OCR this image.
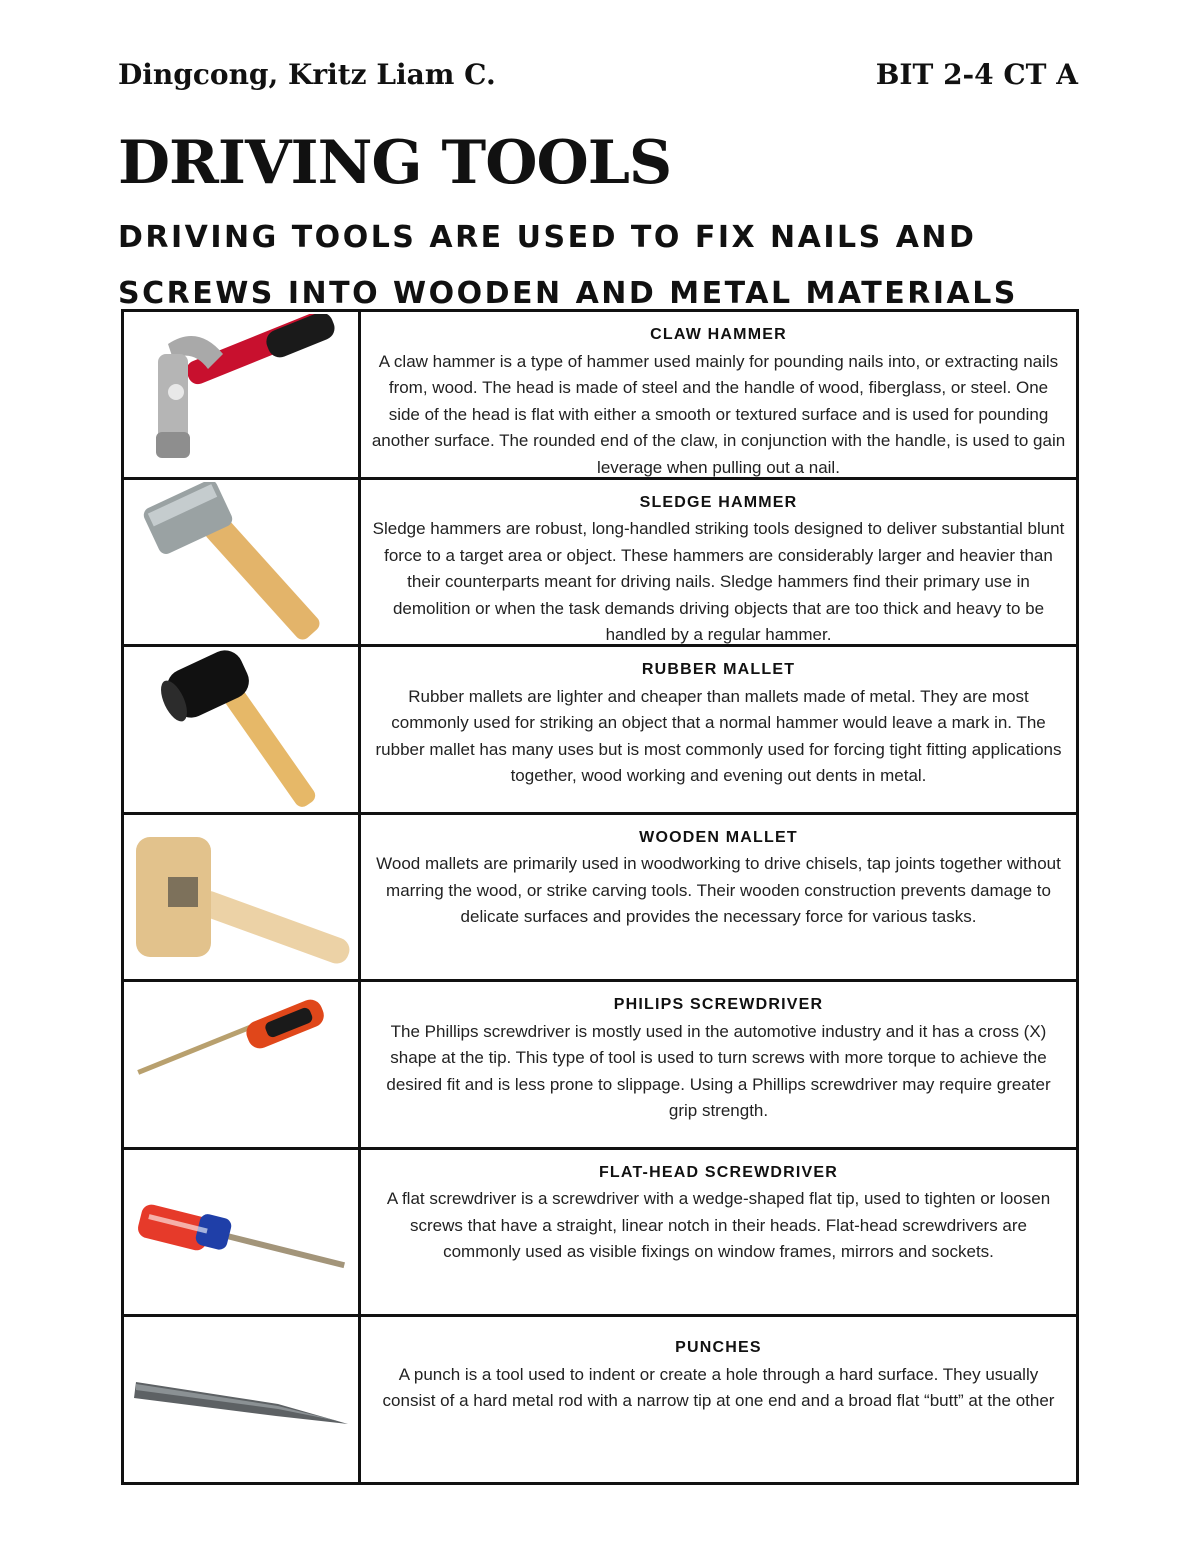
Dingcong, Kritz Liam C.	BIT 2-4 CT A
DRIVING TOOLS
DRIVING TOOLS ARE USED TO FIX NAILS AND SCREWS INTO WOODEN AND METAL MATERIALS
CLAW HAMMER
A claw hammer is a type of hammer used mainly for pounding nails into, or extracting nails from, wood. The head is made of steel and the handle of wood, fiberglass, or steel. One side of the head is flat with either a smooth or textured surface and is used for pounding another surface. The rounded end of the claw, in conjunction with the handle, is used to gain leverage when pulling out a nail.
SLEDGE HAMMER
Sledge hammers are robust, long-handled striking tools designed to deliver substantial blunt force to a target area or object. These hammers are considerably larger and heavier than their counterparts meant for driving nails. Sledge hammers find their primary use in demolition or when the task demands driving objects that are too thick and heavy to be handled by a regular hammer.
RUBBER MALLET
Rubber mallets are lighter and cheaper than mallets made of metal. They are most commonly used for striking an object that a normal hammer would leave a mark in. The rubber mallet has many uses but is most commonly used for forcing tight fitting applications together, wood working and evening out dents in metal.
WOODEN MALLET
Wood mallets are primarily used in woodworking to drive chisels, tap joints together without marring the wood, or strike carving tools. Their wooden construction prevents damage to delicate surfaces and provides the necessary force for various tasks.
PHILIPS SCREWDRIVER
The Phillips screwdriver is mostly used in the automotive industry and it has a cross (X) shape at the tip. This type of tool is used to turn screws with more torque to achieve the desired fit and is less prone to slippage. Using a Phillips screwdriver may require greater grip strength.
FLAT-HEAD SCREWDRIVER
A flat screwdriver is a screwdriver with a wedge-shaped flat tip, used to tighten or loosen screws that have a straight, linear notch in their heads. Flat-head screwdrivers are commonly used as visible fixings on window frames, mirrors and sockets.
PUNCHES
A punch is a tool used to indent or create a hole through a hard surface. They usually consist of a hard metal rod with a narrow tip at one end and a broad flat “butt” at the other
